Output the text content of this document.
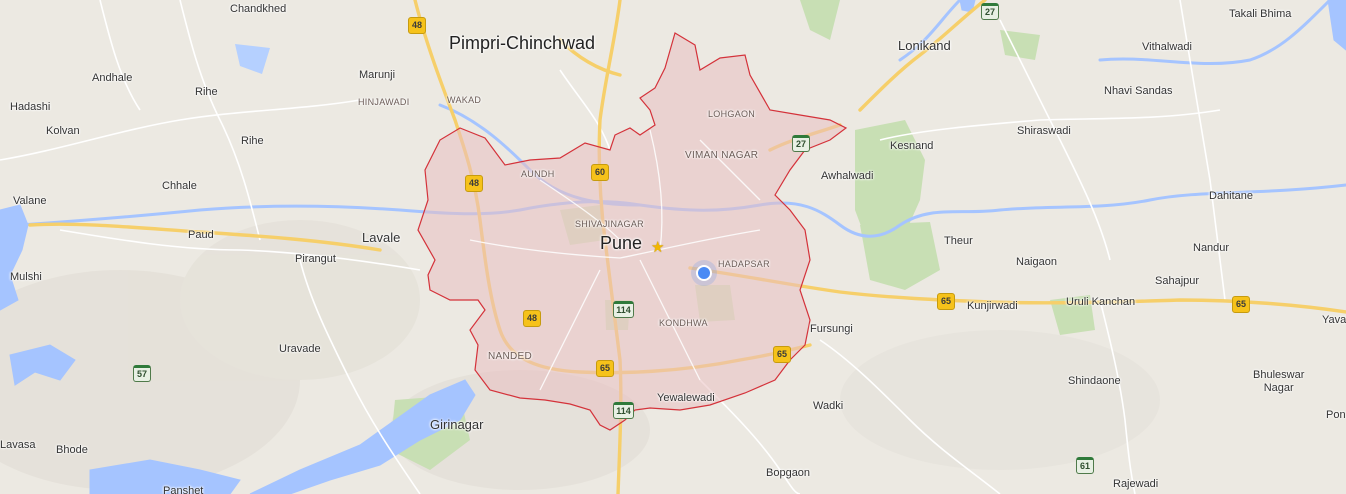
Chandkhed
Pimpri-Chinchwad	Lonikand
Takali Bhima
Vithalwadi
Marunji
Andhale
Rihe
HINJAWADI	WAKAD
LOHGAON
Nhavi Sandas
Hadashi
Kolvan
Rihe	Kesnand
Shiraswadi
VIMAN NAGAR
AUNDH	Awhalwadi
Chhale
Dahitane
Valane
SHIVAJINAGAR
Paud	Lavale	Pune	Theur
Nandur
HADAPSAR
Pirangut	Naigaon
Sahajpur
Mulshi
Kunjirwadi	Uruli Kanchan
Yava
KONDHWA	Fursungi
Uravade
NANDED
Shindaone	Bhuleswar
Nagar
Yewalewadi
Wadki
Pon
Girinagar
Lavasa Bhode
Bopgaon
Rajewadi
Panshet
48
27
27
60
48
65	65
48
114
65
65
57
114
61
★
